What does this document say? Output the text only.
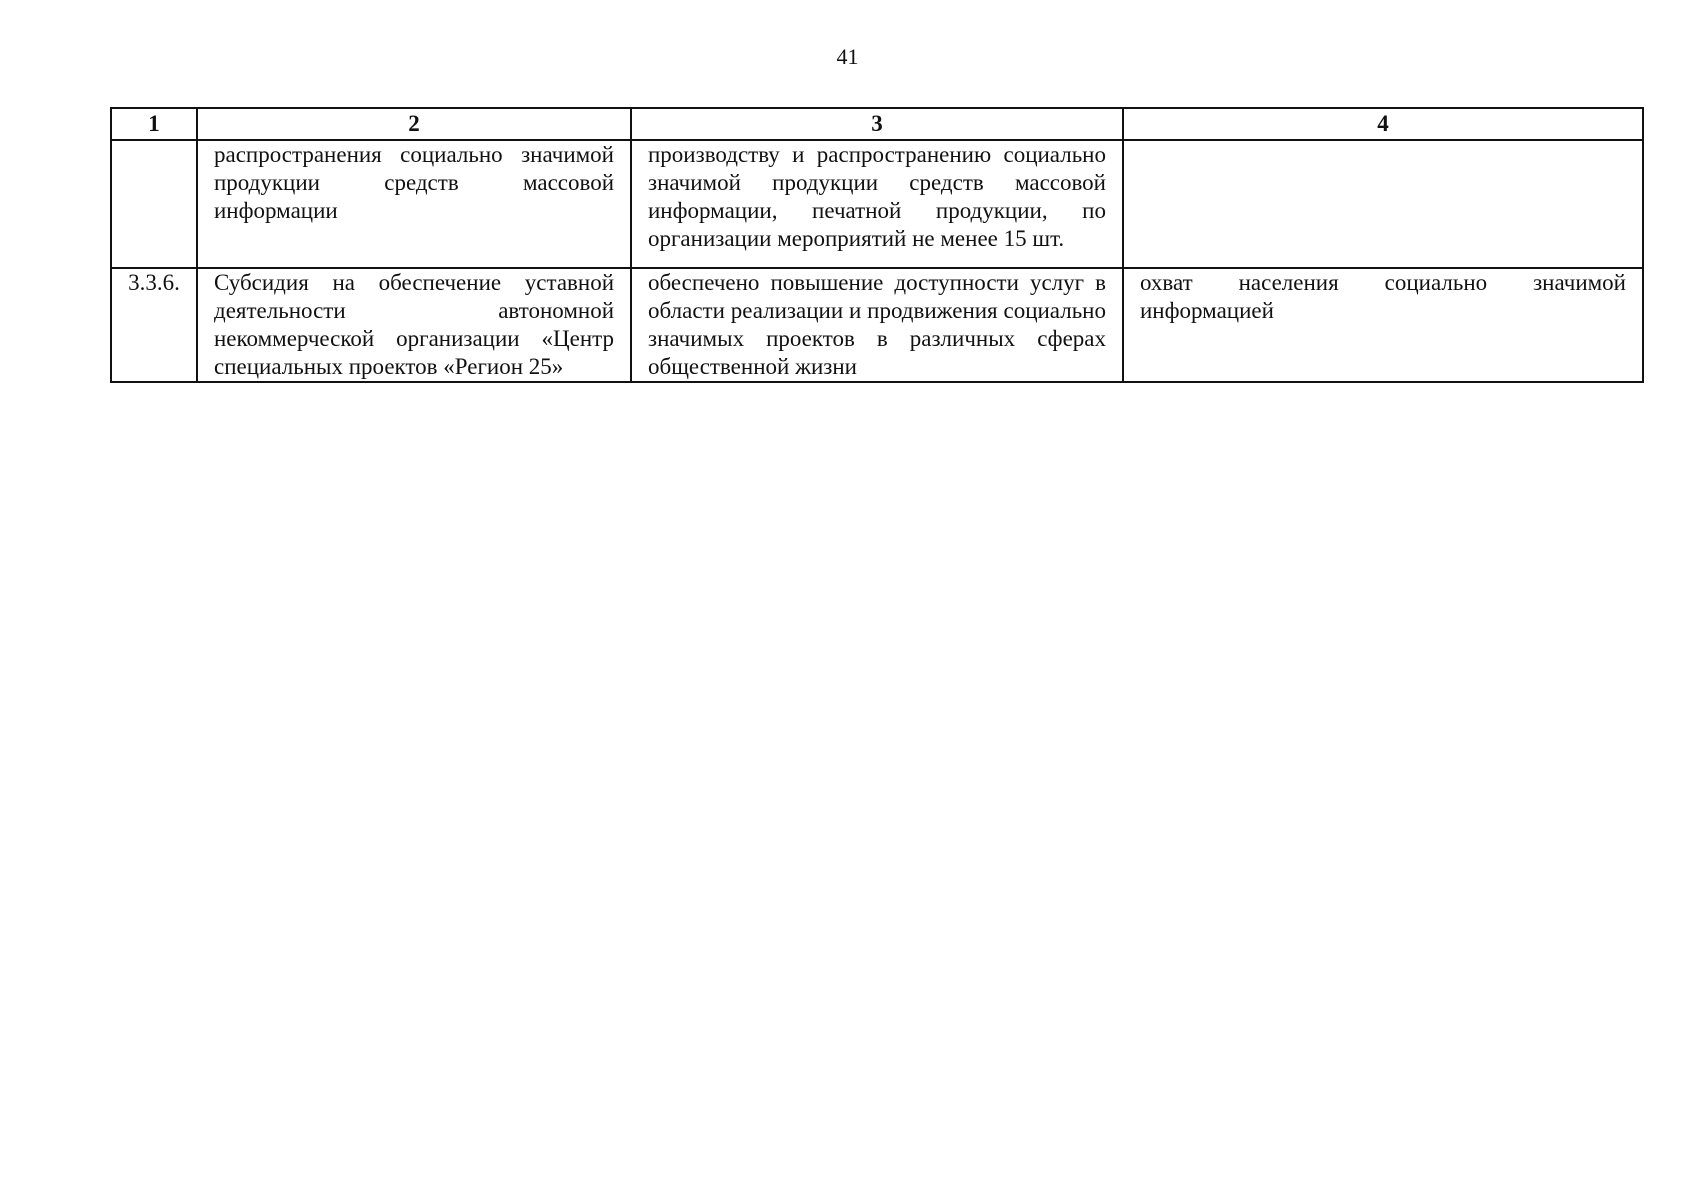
41
1	2	3	4
	распространения социально значимой продукции средств массовой информации	производству и распространению социально значимой продукции средств массовой информации, печатной продукции, по организации мероприятий не менее 15 шт.	
3.3.6.	Субсидия на обеспечение уставной деятельности автономной некоммерческой организации «Центр специальных проектов «Регион 25»	обеспечено повышение доступности услуг в области реализации и продвижения социально значимых проектов в различных сферах общественной жизни	охват населения социально значимой информацией
